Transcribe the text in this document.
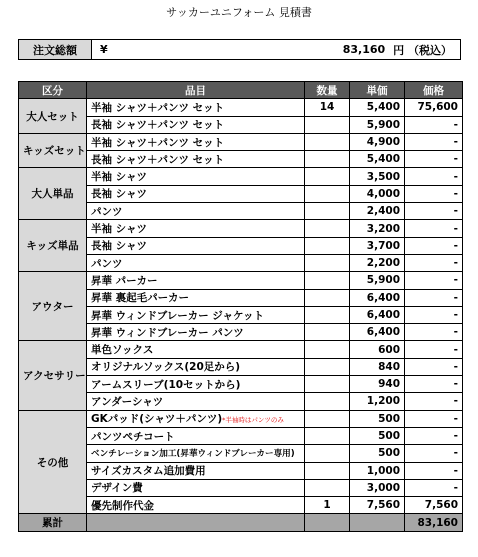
サッカーユニフォーム 見積書
注文総額	¥	83,160 円 （税込）
区分	品目	数量	単価	価格
大人セット	半袖 シャツ＋パンツ セット	14	5,400	75,600
	長袖 シャツ＋パンツ セット		5,900	-
キッズセット	半袖 シャツ＋パンツ セット		4,900	-
	長袖 シャツ＋パンツ セット		5,400	-
大人単品	半袖 シャツ		3,500	-
	長袖 シャツ		4,000	-
	パンツ		2,400	-
キッズ単品	半袖 シャツ		3,200	-
	長袖 シャツ		3,700	-
	パンツ		2,200	-
アウター	昇華 パーカー		5,900	-
	昇華 裏起毛パーカー		6,400	-
	昇華 ウィンドブレーカー ジャケット		6,400	-
	昇華 ウィンドブレーカー パンツ		6,400	-
アクセサリー	単色ソックス		600	-
	オリジナルソックス(20足から)		840	-
	アームスリーブ(10セットから)		940	-
	アンダーシャツ		1,200	-
その他	GKパッド(シャツ＋パンツ)*半袖時はパンツのみ		500	-
	パンツペチコート		500	-
	ベンチレーション加工(昇華ウィンドブレーカー専用)		500	-
	サイズカスタム追加費用		1,000	-
	デザイン費		3,000	-
	優先制作代金	1	7,560	7,560
累計				83,160
